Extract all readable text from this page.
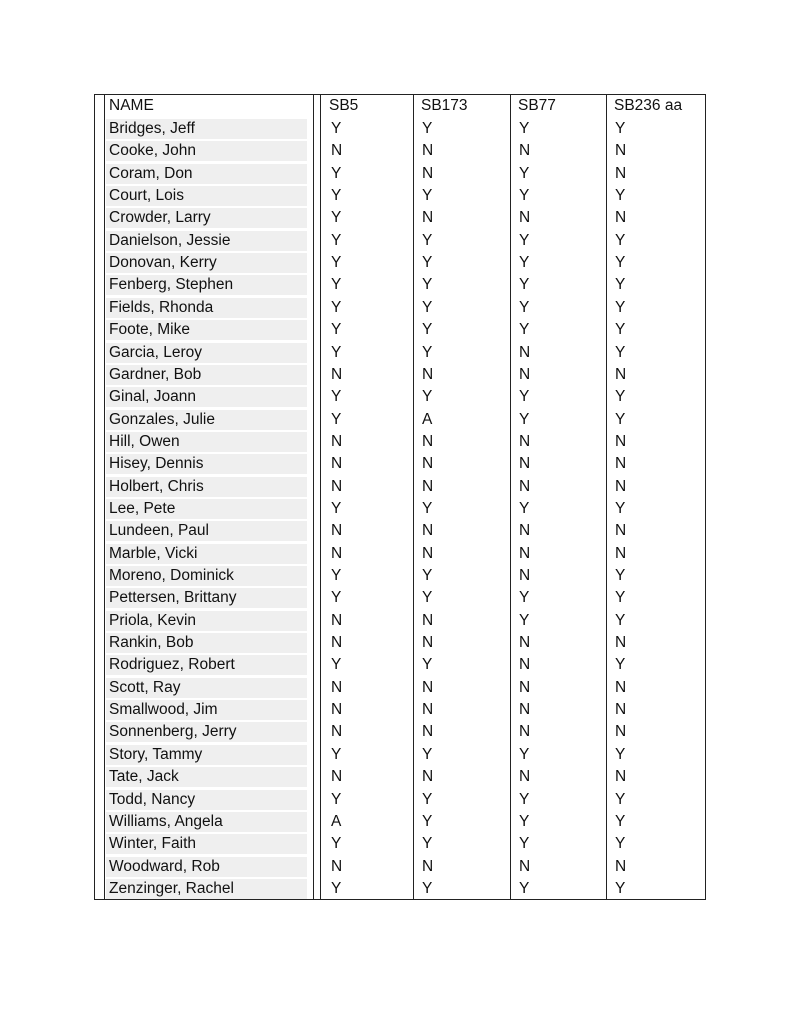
NAME	SB5	SB173	SB77	SB236 aa
Bridges, Jeff	Y	Y	Y	Y
Cooke, John	N	N	N	N
Coram, Don	Y	N	Y	N
Court, Lois	Y	Y	Y	Y
Crowder, Larry	Y	N	N	N
Danielson, Jessie	Y	Y	Y	Y
Donovan, Kerry	Y	Y	Y	Y
Fenberg, Stephen	Y	Y	Y	Y
Fields, Rhonda	Y	Y	Y	Y
Foote, Mike	Y	Y	Y	Y
Garcia, Leroy	Y	Y	N	Y
Gardner, Bob	N	N	N	N
Ginal, Joann	Y	Y	Y	Y
Gonzales, Julie	Y	A	Y	Y
Hill, Owen	N	N	N	N
Hisey, Dennis	N	N	N	N
Holbert, Chris	N	N	N	N
Lee, Pete	Y	Y	Y	Y
Lundeen, Paul	N	N	N	N
Marble, Vicki	N	N	N	N
Moreno, Dominick	Y	Y	N	Y
Pettersen, Brittany	Y	Y	Y	Y
Priola, Kevin	N	N	Y	Y
Rankin, Bob	N	N	N	N
Rodriguez, Robert	Y	Y	N	Y
Scott, Ray	N	N	N	N
Smallwood, Jim	N	N	N	N
Sonnenberg, Jerry	N	N	N	N
Story, Tammy	Y	Y	Y	Y
Tate, Jack	N	N	N	N
Todd, Nancy	Y	Y	Y	Y
Williams, Angela	A	Y	Y	Y
Winter, Faith	Y	Y	Y	Y
Woodward, Rob	N	N	N	N
Zenzinger, Rachel	Y	Y	Y	Y
